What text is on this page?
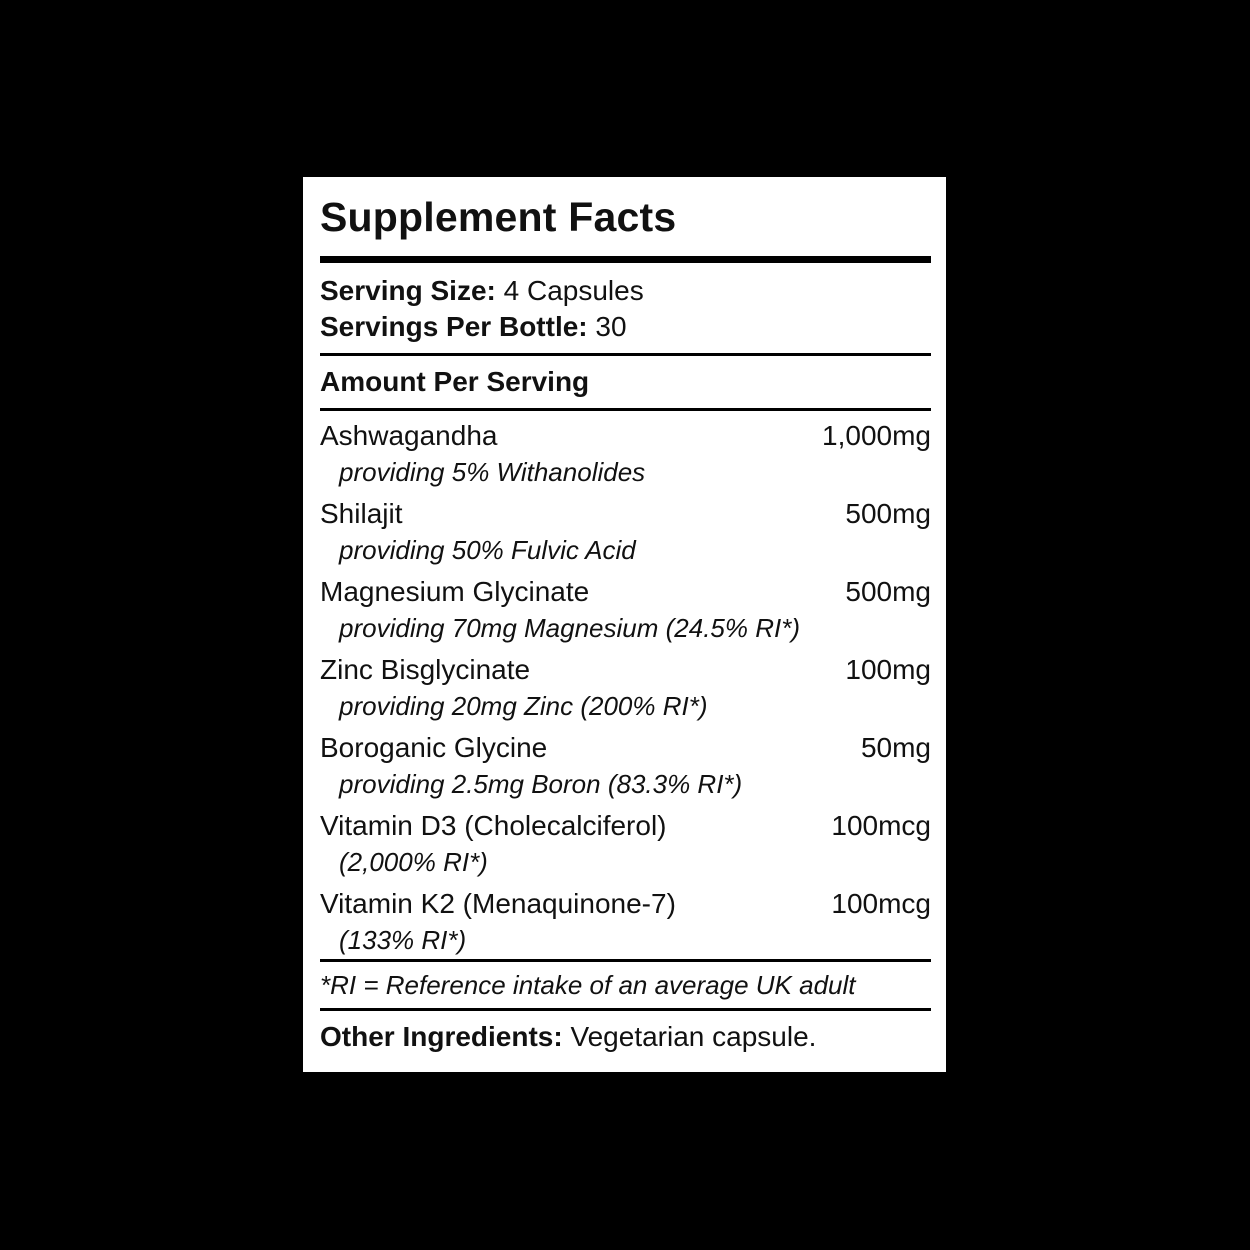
Supplement Facts
Serving Size: 4 Capsules
Servings Per Bottle: 30
Amount Per Serving
Ashwagandha	1,000mg
providing 5% Withanolides
Shilajit	500mg
providing 50% Fulvic Acid
Magnesium Glycinate	500mg
providing 70mg Magnesium (24.5% RI*)
Zinc Bisglycinate	100mg
providing 20mg Zinc (200% RI*)
Boroganic Glycine	50mg
providing 2.5mg Boron (83.3% RI*)
Vitamin D3 (Cholecalciferol)	100mcg
(2,000% RI*)
Vitamin K2 (Menaquinone-7)	100mcg
(133% RI*)
*RI = Reference intake of an average UK adult
Other Ingredients: Vegetarian capsule.
